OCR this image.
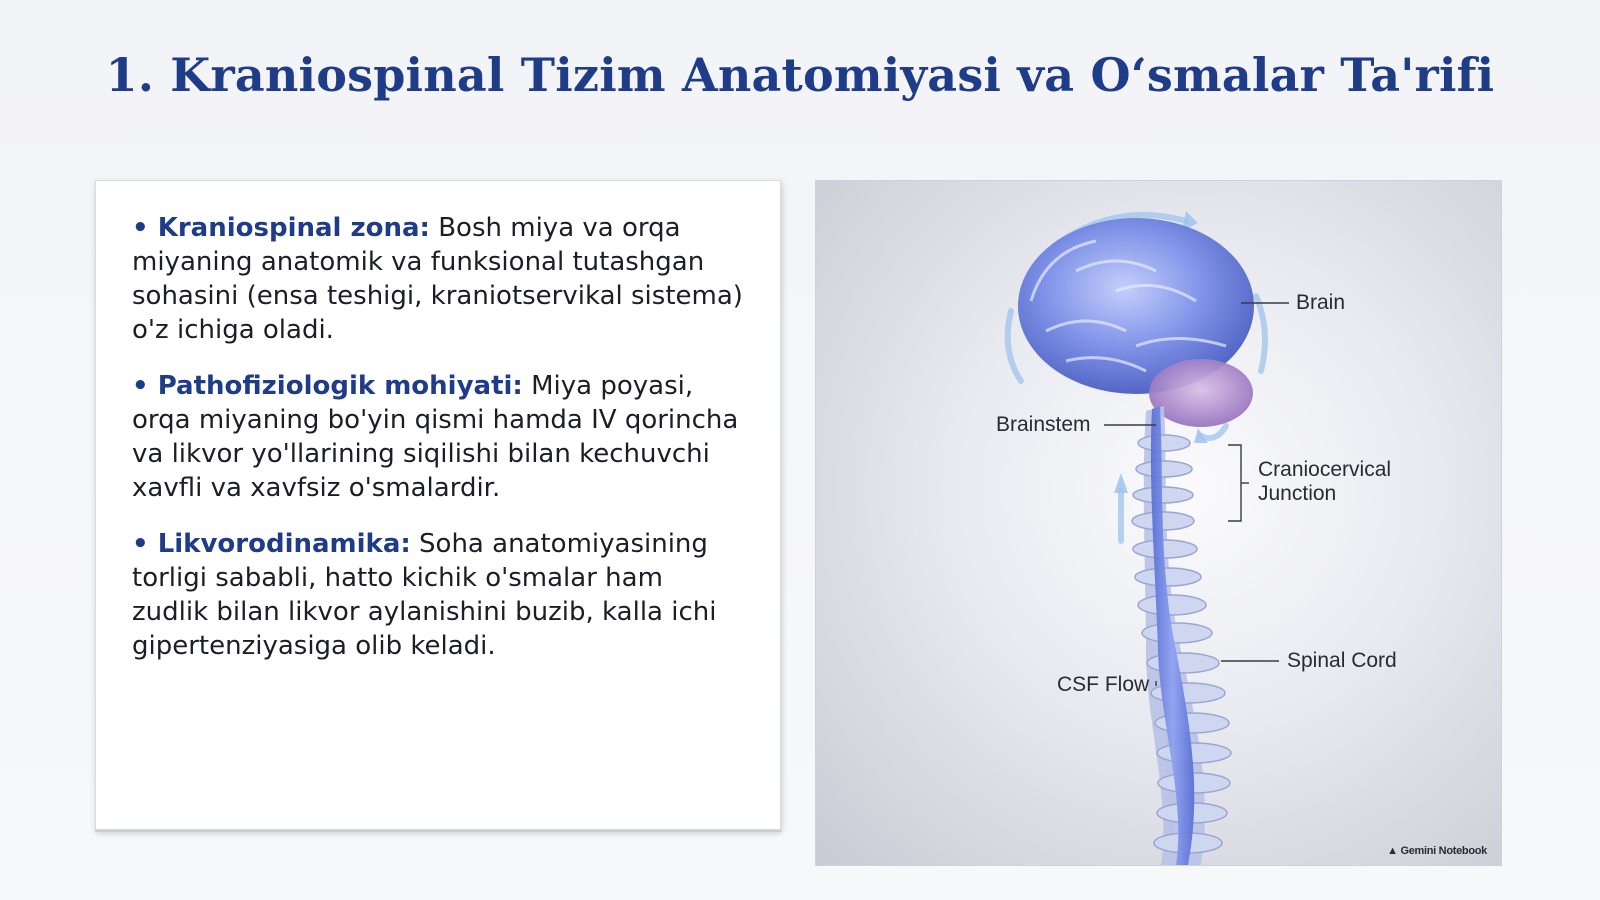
1. Kraniospinal Tizim Anatomiyasi va O‘smalar Ta'rifi

• Kraniospinal zona: Bosh miya va orqa miyaning anatomik va funksional tutashgan sohasini (ensa teshigi, kraniotservikal sistema) o'z ichiga oladi.

• Pathofiziologik mohiyati: Miya poyasi, orqa miyaning bo'yin qismi hamda IV qorincha va likvor yo'llarining siqilishi bilan kechuvchi xavfli va xavfsiz o'smalardir.

• Likvorodinamika: Soha anatomiyasining torligi sababli, hatto kichik o'smalar ham zudlik bilan likvor aylanishini buzib, kalla ichi gipertenziyasiga olib keladi.

Brain
Brainstem
Craniocervical
Junction
Spinal Cord
CSF Flow
▲ Gemini Notebook
